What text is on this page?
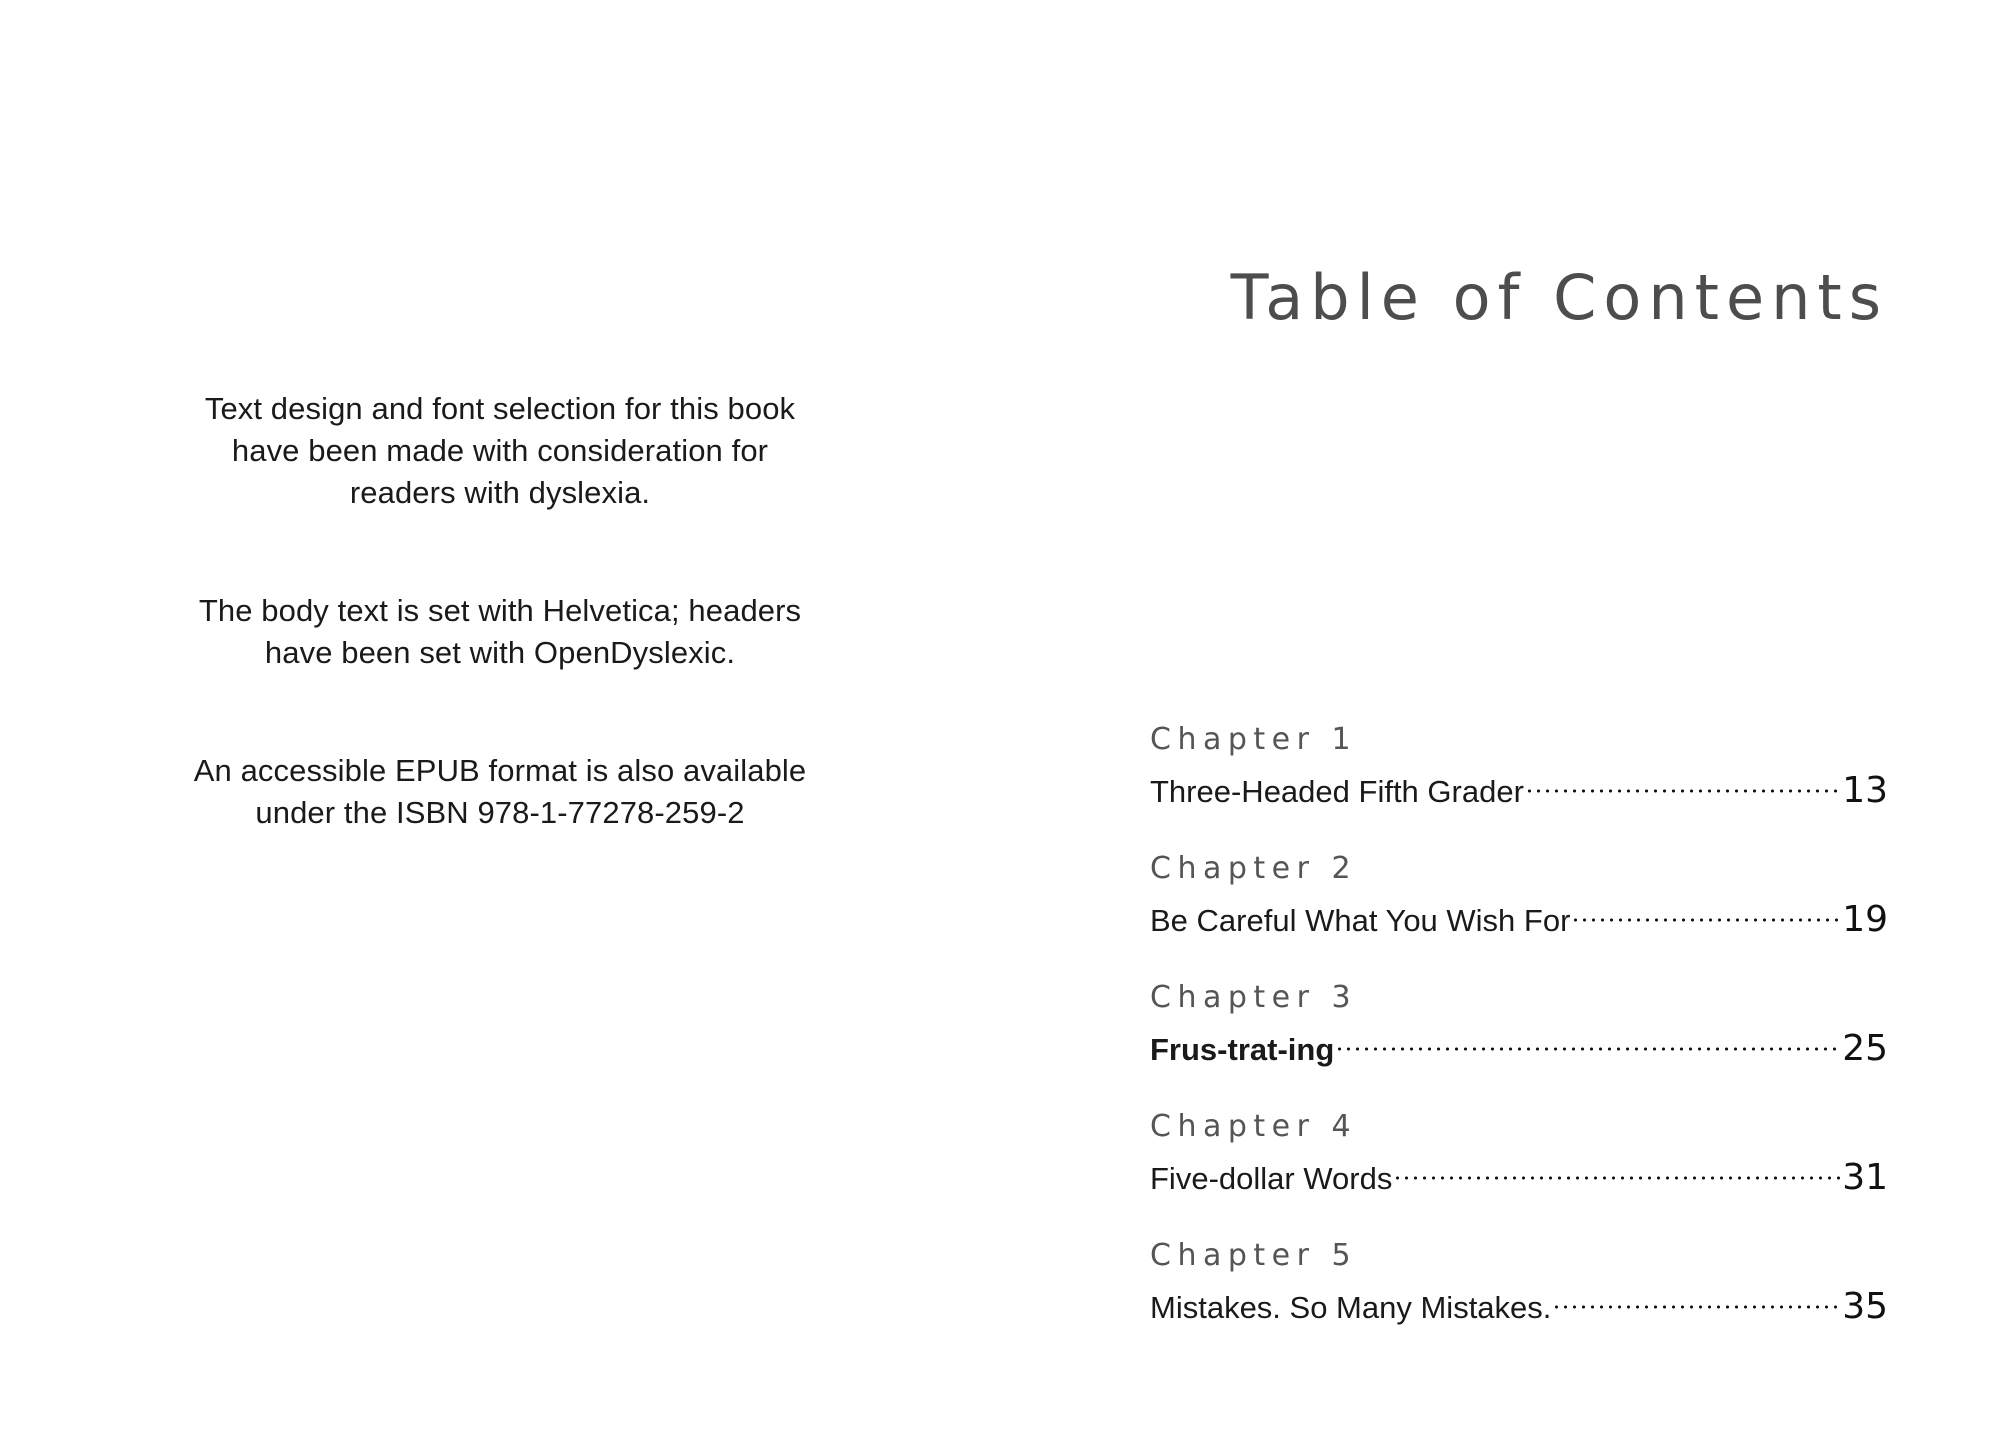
Text design and font selection for this book have been made with consideration for readers with dyslexia.

The body text is set with Helvetica; headers have been set with OpenDyslexic.

An accessible EPUB format is also available under the ISBN 978-1-77278-259-2

Table of Contents
Chapter 1
Three-Headed Fifth Grader	13
Chapter 2
Be Careful What You Wish For	19
Chapter 3
Frus-trat-ing	25
Chapter 4
Five-dollar Words	31
Chapter 5
Mistakes. So Many Mistakes.	35
